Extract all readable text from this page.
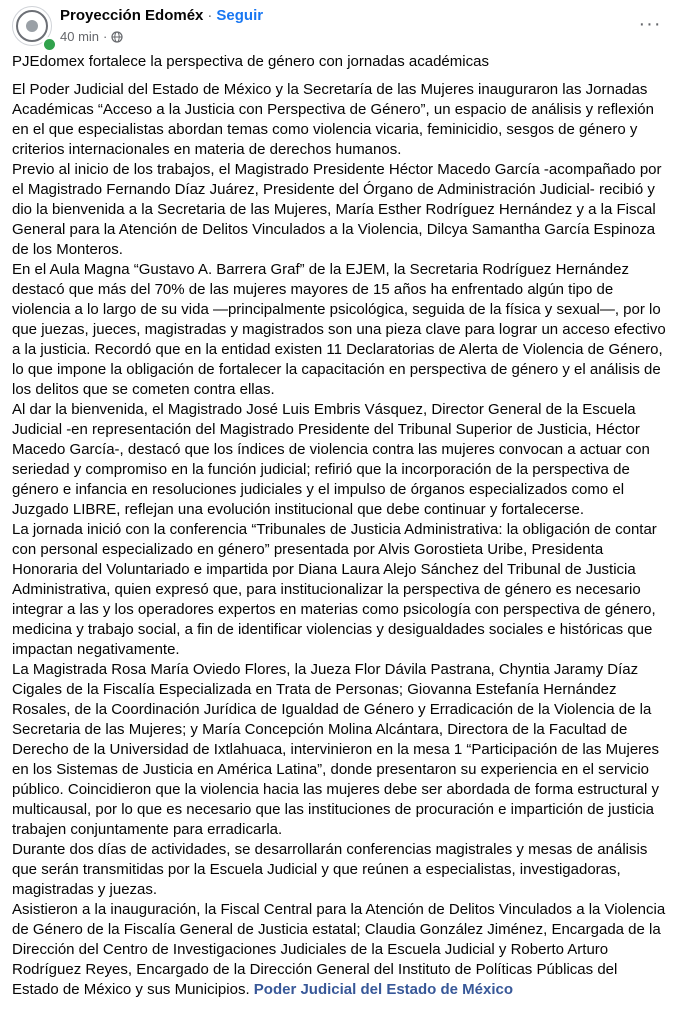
Proyección Edoméx · Seguir
40 min ·
···

PJEdomex fortalece la perspectiva de género con jornadas académicas

El Poder Judicial del Estado de México y la Secretaría de las Mujeres inauguraron las Jornadas Académicas “Acceso a la Justicia con Perspectiva de Género”, un espacio de análisis y reflexión en el que especialistas abordan temas como violencia vicaria, feminicidio, sesgos de género y criterios internacionales en materia de derechos humanos.

Previo al inicio de los trabajos, el Magistrado Presidente Héctor Macedo García -acompañado por el Magistrado Fernando Díaz Juárez, Presidente del Órgano de Administración Judicial- recibió y dio la bienvenida a la Secretaria de las Mujeres, María Esther Rodríguez Hernández y a la Fiscal General para la Atención de Delitos Vinculados a la Violencia, Dilcya Samantha García Espinoza de los Monteros.

En el Aula Magna “Gustavo A. Barrera Graf” de la EJEM, la Secretaria Rodríguez Hernández destacó que más del 70% de las mujeres mayores de 15 años ha enfrentado algún tipo de violencia a lo largo de su vida —principalmente psicológica, seguida de la física y sexual—, por lo que juezas, jueces, magistradas y magistrados son una pieza clave para lograr un acceso efectivo a la justicia. Recordó que en la entidad existen 11 Declaratorias de Alerta de Violencia de Género, lo que impone la obligación de fortalecer la capacitación en perspectiva de género y el análisis de los delitos que se cometen contra ellas.

Al dar la bienvenida, el Magistrado José Luis Embris Vásquez, Director General de la Escuela Judicial -en representación del Magistrado Presidente del Tribunal Superior de Justicia, Héctor Macedo García-, destacó que los índices de violencia contra las mujeres convocan a actuar con seriedad y compromiso en la función judicial; refirió que la incorporación de la perspectiva de género e infancia en resoluciones judiciales y el impulso de órganos especializados como el Juzgado LIBRE, reflejan una evolución institucional que debe continuar y fortalecerse.

La jornada inició con la conferencia “Tribunales de Justicia Administrativa: la obligación de contar con personal especializado en género” presentada por Alvis Gorostieta Uribe, Presidenta Honoraria del Voluntariado e impartida por Diana Laura Alejo Sánchez del Tribunal de Justicia Administrativa, quien expresó que, para institucionalizar la perspectiva de género es necesario integrar a las y los operadores expertos en materias como psicología con perspectiva de género, medicina y trabajo social, a fin de identificar violencias y desigualdades sociales e históricas que impactan negativamente.

La Magistrada Rosa María Oviedo Flores, la Jueza Flor Dávila Pastrana, Chyntia Jaramy Díaz Cigales de la Fiscalía Especializada en Trata de Personas; Giovanna Estefanía Hernández Rosales, de la Coordinación Jurídica de Igualdad de Género y Erradicación de la Violencia de la Secretaria de las Mujeres; y María Concepción Molina Alcántara, Directora de la Facultad de Derecho de la Universidad de Ixtlahuaca, intervinieron en la mesa 1 “Participación de las Mujeres en los Sistemas de Justicia en América Latina”, donde presentaron su experiencia en el servicio público. Coincidieron que la violencia hacia las mujeres debe ser abordada de forma estructural y multicausal, por lo que es necesario que las instituciones de procuración e impartición de justicia trabajen conjuntamente para erradicarla.

Durante dos días de actividades, se desarrollarán conferencias magistrales y mesas de análisis que serán transmitidas por la Escuela Judicial y que reúnen a especialistas, investigadoras, magistradas y juezas.

Asistieron a la inauguración, la Fiscal Central para la Atención de Delitos Vinculados a la Violencia de Género de la Fiscalía General de Justicia estatal; Claudia González Jiménez, Encargada de la Dirección del Centro de Investigaciones Judiciales de la Escuela Judicial y Roberto Arturo Rodríguez Reyes, Encargado de la Dirección General del Instituto de Políticas Públicas del Estado de México y sus Municipios. Poder Judicial del Estado de México
